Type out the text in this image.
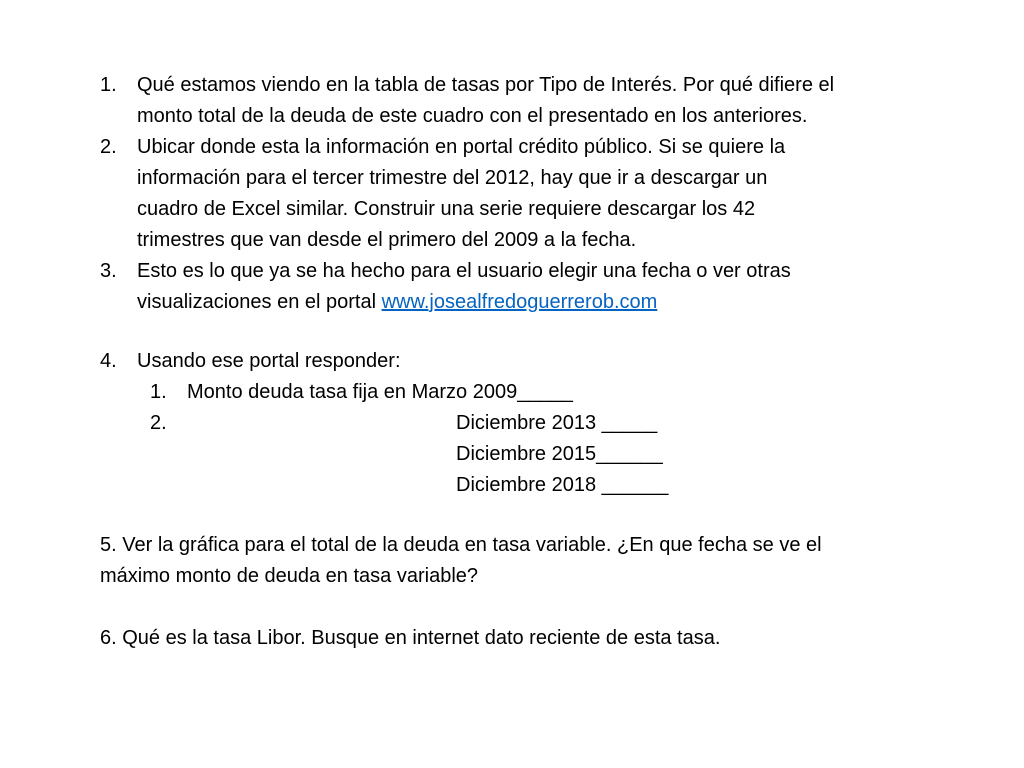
1. Qué estamos viendo en la tabla de tasas por Tipo de Interés. Por qué difiere el
monto total de la deuda de este cuadro con el presentado en los anteriores.
2. Ubicar donde esta la información en portal crédito público. Si se quiere la
información para el tercer trimestre del 2012, hay que ir a descargar un
cuadro de Excel similar. Construir una serie requiere descargar los 42
trimestres que van desde el primero del 2009 a la fecha.
3. Esto es lo que ya se ha hecho para el usuario elegir una fecha o ver otras
visualizaciones en el portal www.josealfredoguerrerob.com
4. Usando ese portal responder:
1. Monto deuda tasa fija en Marzo 2009_____
2.	Diciembre 2013 _____
Diciembre 2015______
Diciembre 2018 ______
5. Ver la gráfica para el total de la deuda en tasa variable. ¿En que fecha se ve el
máximo monto de deuda en tasa variable?
6. Qué es la tasa Libor. Busque en internet dato reciente de esta tasa.
